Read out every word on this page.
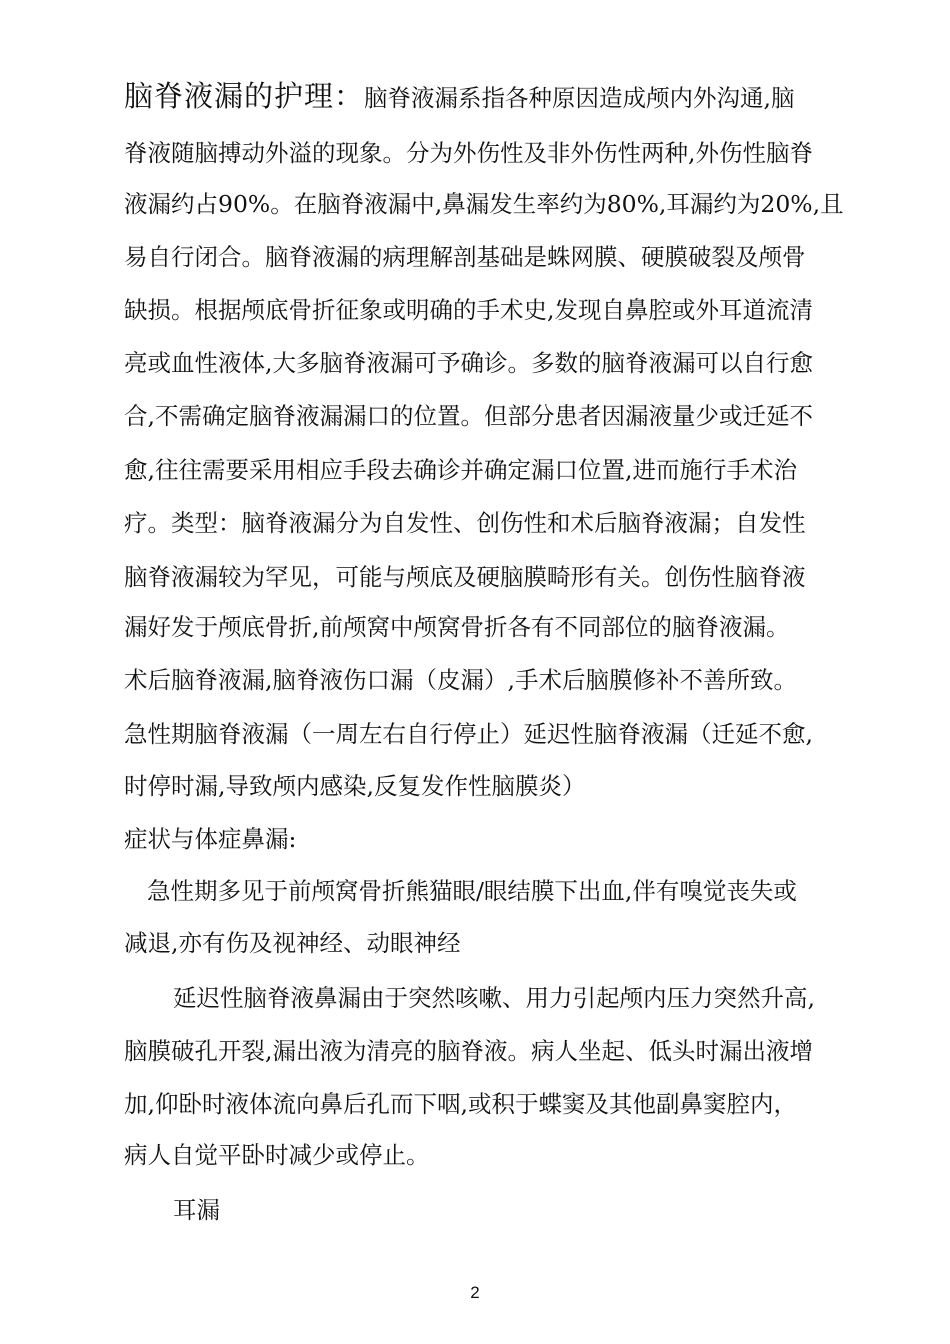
脑脊液漏的护理：脑脊液漏系指各种原因造成颅内外沟通,脑
脊液随脑搏动外溢的现象。分为外伤性及非外伤性两种,外伤性脑脊
液漏约占90%。在脑脊液漏中,鼻漏发生率约为80%,耳漏约为20%,且
易自行闭合。脑脊液漏的病理解剖基础是蛛网膜、硬膜破裂及颅骨
缺损。根据颅底骨折征象或明确的手术史,发现自鼻腔或外耳道流清
亮或血性液体,大多脑脊液漏可予确诊。多数的脑脊液漏可以自行愈
合,不需确定脑脊液漏漏口的位置。但部分患者因漏液量少或迁延不
愈,往往需要采用相应手段去确诊并确定漏口位置,进而施行手术治
疗。类型：脑脊液漏分为自发性、创伤性和术后脑脊液漏；自发性
脑脊液漏较为罕见，可能与颅底及硬脑膜畸形有关。创伤性脑脊液
漏好发于颅底骨折,前颅窝中颅窝骨折各有不同部位的脑脊液漏。
术后脑脊液漏,脑脊液伤口漏（皮漏）,手术后脑膜修补不善所致。
急性期脑脊液漏（一周左右自行停止）延迟性脑脊液漏（迁延不愈,
时停时漏,导致颅内感染,反复发作性脑膜炎）
症状与体症鼻漏:
急性期多见于前颅窝骨折熊猫眼/眼结膜下出血,伴有嗅觉丧失或
减退,亦有伤及视神经、动眼神经
延迟性脑脊液鼻漏由于突然咳嗽、用力引起颅内压力突然升高,
脑膜破孔开裂,漏出液为清亮的脑脊液。病人坐起、低头时漏出液增
加,仰卧时液体流向鼻后孔而下咽,或积于蝶窦及其他副鼻窦腔内，
病人自觉平卧时减少或停止。
耳漏
2
